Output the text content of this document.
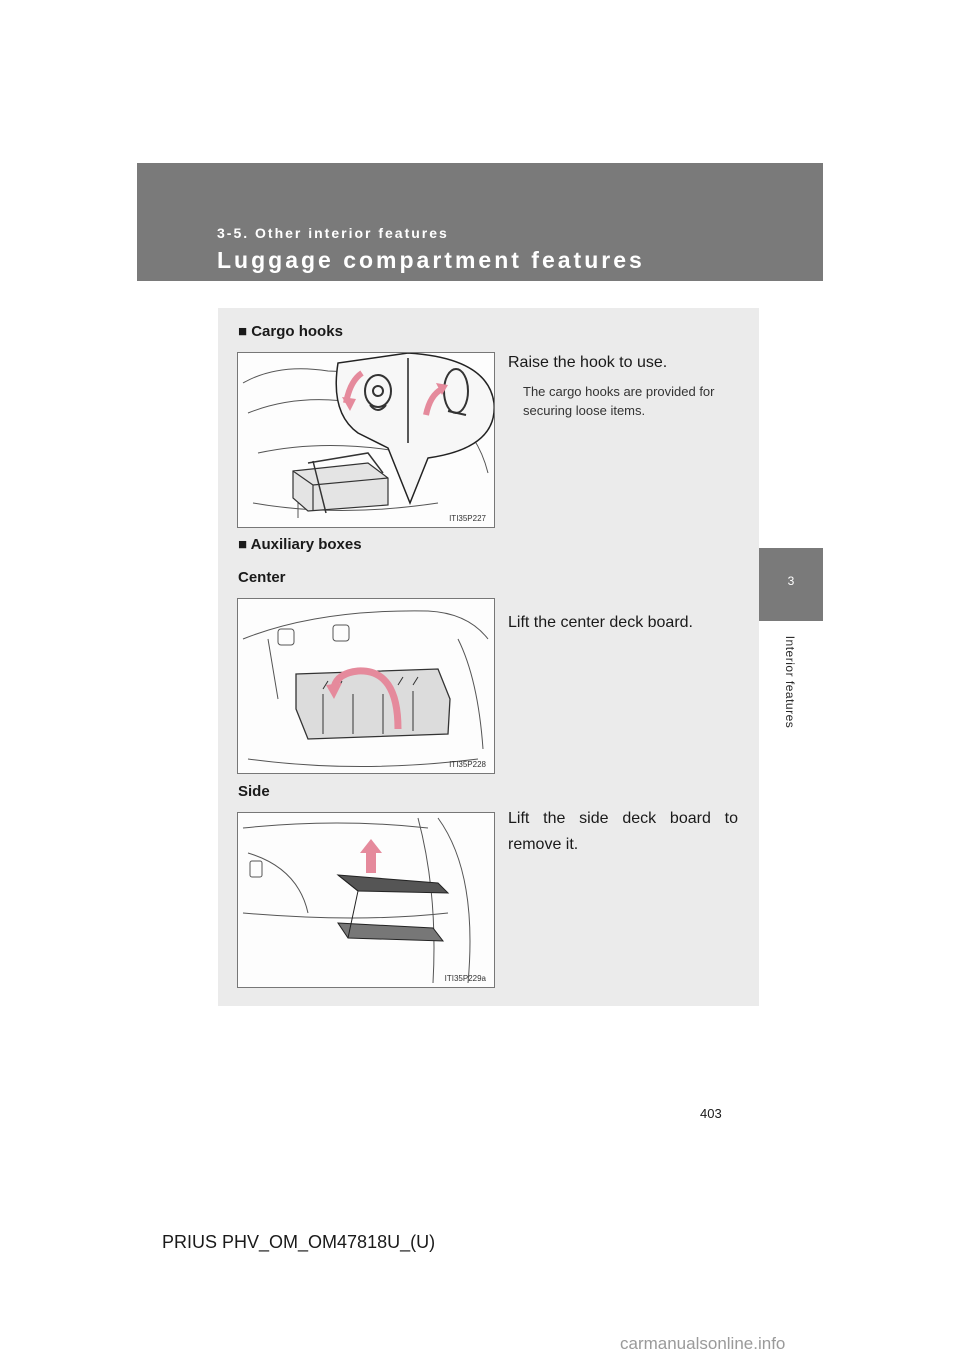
3-5. Other interior features
Luggage compartment features
3
Interior features
■ Cargo hooks
ITI35P227
Raise the hook to use.
The cargo hooks are provided for securing loose items.
■ Auxiliary boxes
Center
ITI35P228
Lift the center deck board.
Side
ITI35P229a
Lift the side deck board to remove it.
403
PRIUS PHV_OM_OM47818U_(U)
carmanualsonline.info
